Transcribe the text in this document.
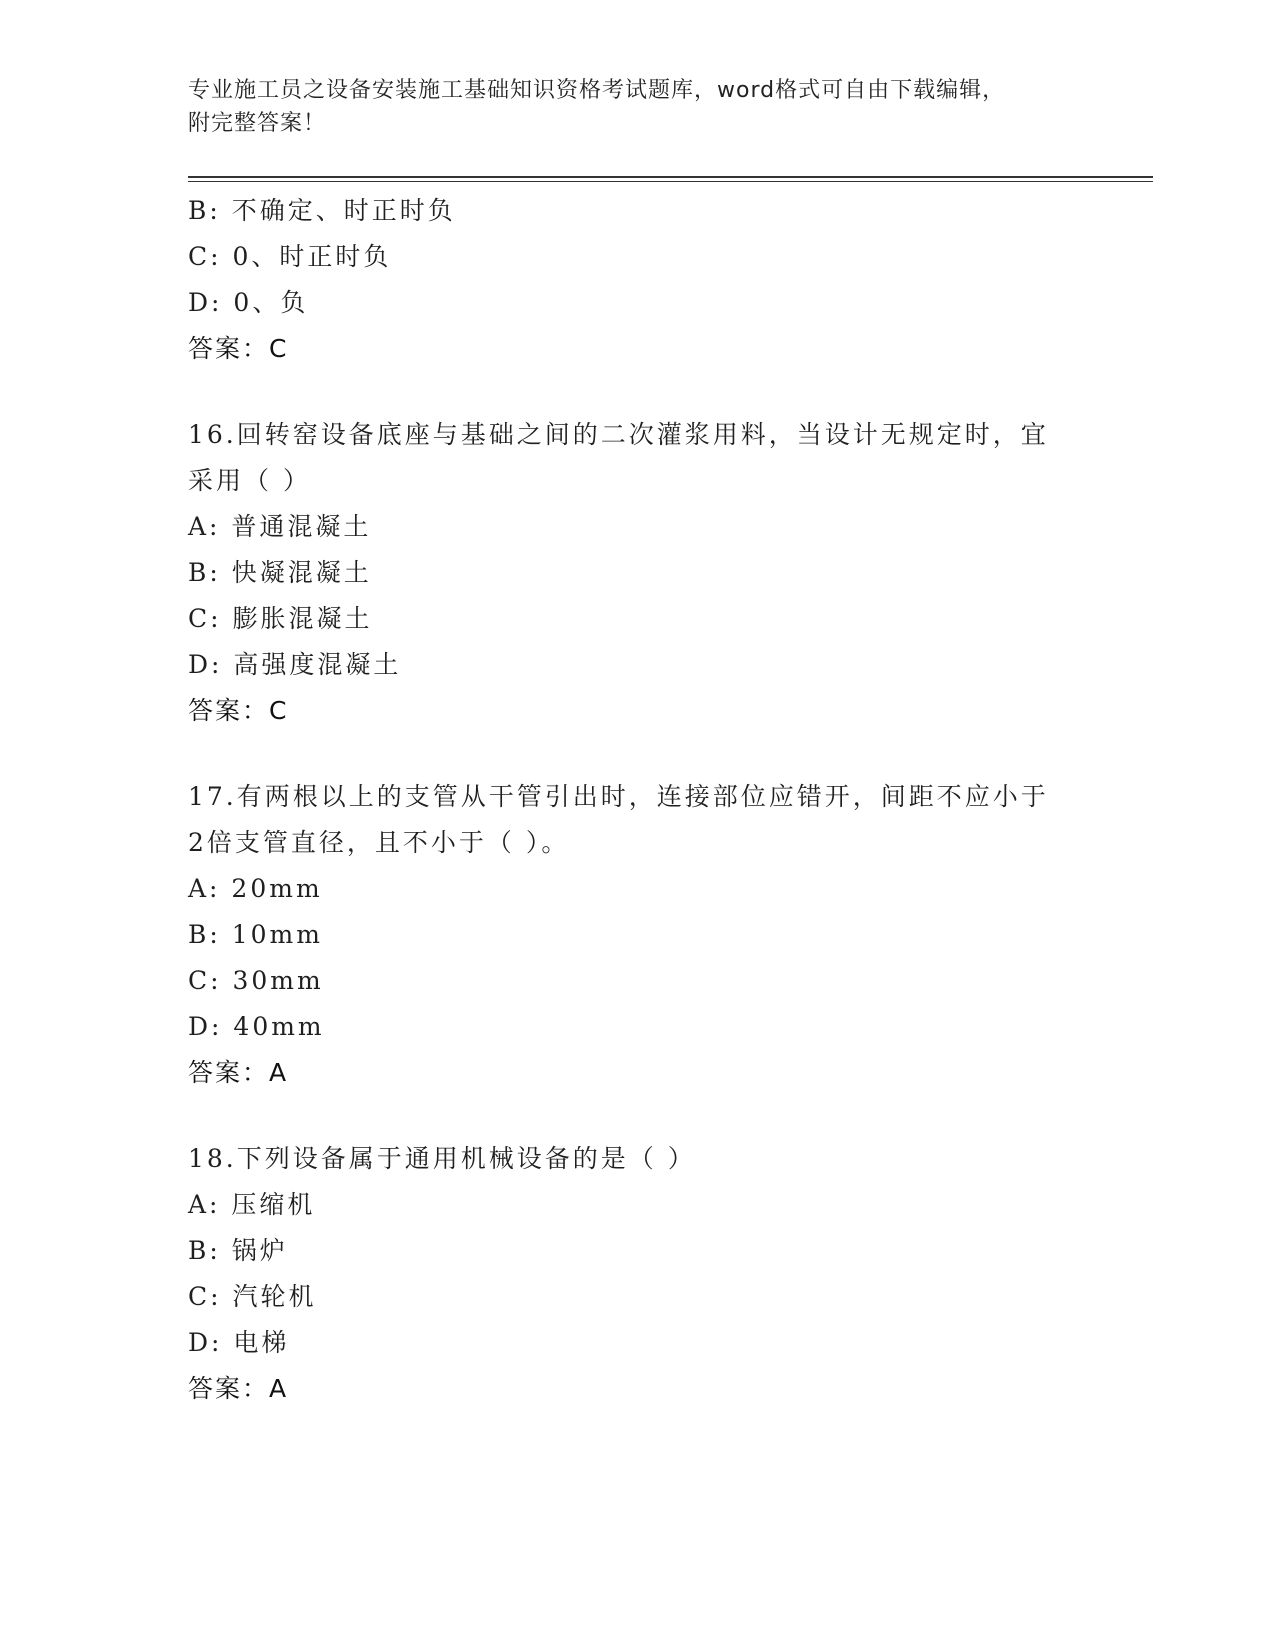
专业施工员之设备安装施工基础知识资格考试题库，word格式可自由下载编辑，
附完整答案！
B: 不确定、时正时负
C: 0、时正时负
D: 0、负
答案：C
16.回转窑设备底座与基础之间的二次灌浆用料，当设计无规定时，宜
采用（ ）
A: 普通混凝土
B: 快凝混凝土
C: 膨胀混凝土
D: 高强度混凝土
答案：C
17.有两根以上的支管从干管引出时，连接部位应错开，间距不应小于
2倍支管直径，且不小于（ ）。
A: 20mm
B: 10mm
C: 30mm
D: 40mm
答案：A
18.下列设备属于通用机械设备的是（ ）
A: 压缩机
B: 锅炉
C: 汽轮机
D: 电梯
答案：A
